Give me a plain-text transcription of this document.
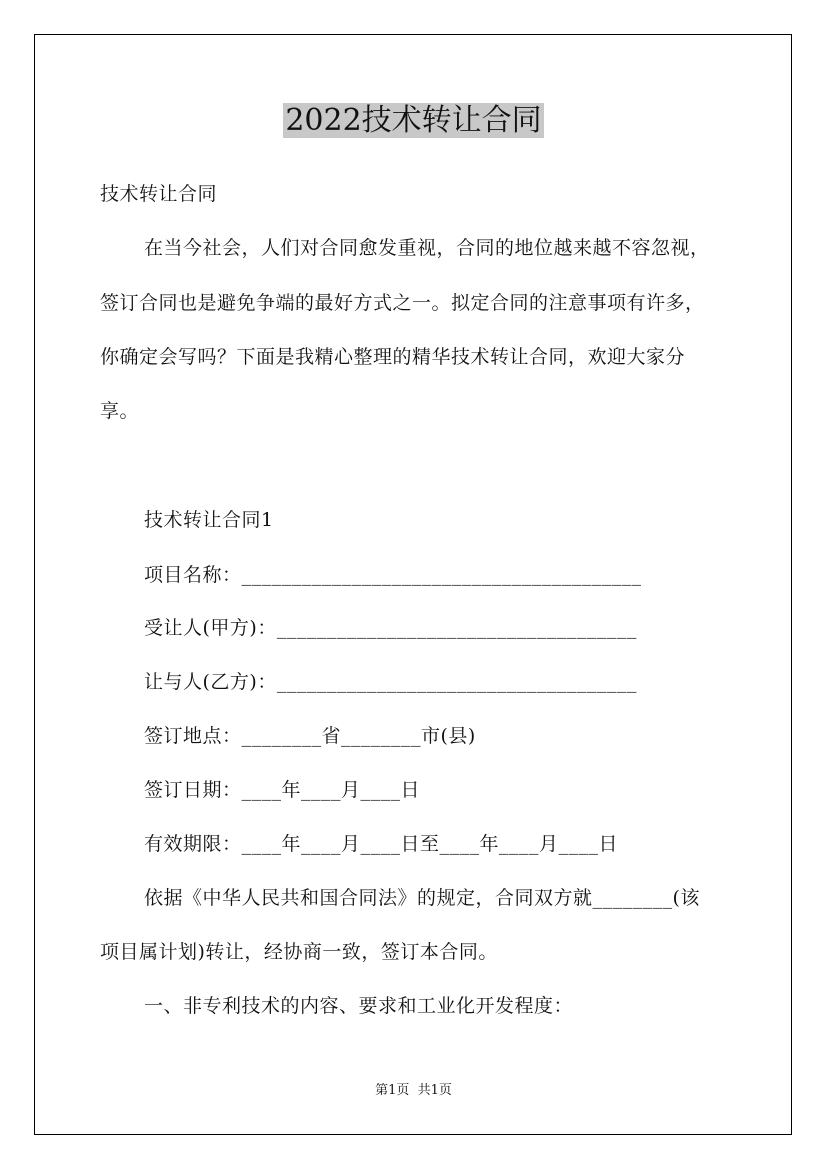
2022技术转让合同
技术转让合同
在当今社会，人们对合同愈发重视，合同的地位越来越不容忽视，
签订合同也是避免争端的最好方式之一。拟定合同的注意事项有许多，
你确定会写吗？下面是我精心整理的精华技术转让合同，欢迎大家分
享。
技术转让合同1
项目名称：________________________________________
受让人(甲方)：____________________________________
让与人(乙方)：____________________________________
签订地点：________省________市(县)
签订日期：____年____月____日
有效期限：____年____月____日至____年____月____日
依据《中华人民共和国合同法》的规定，合同双方就________(该
项目属计划)转让，经协商一致，签订本合同。
一、非专利技术的内容、要求和工业化开发程度：
第1页  共1页
